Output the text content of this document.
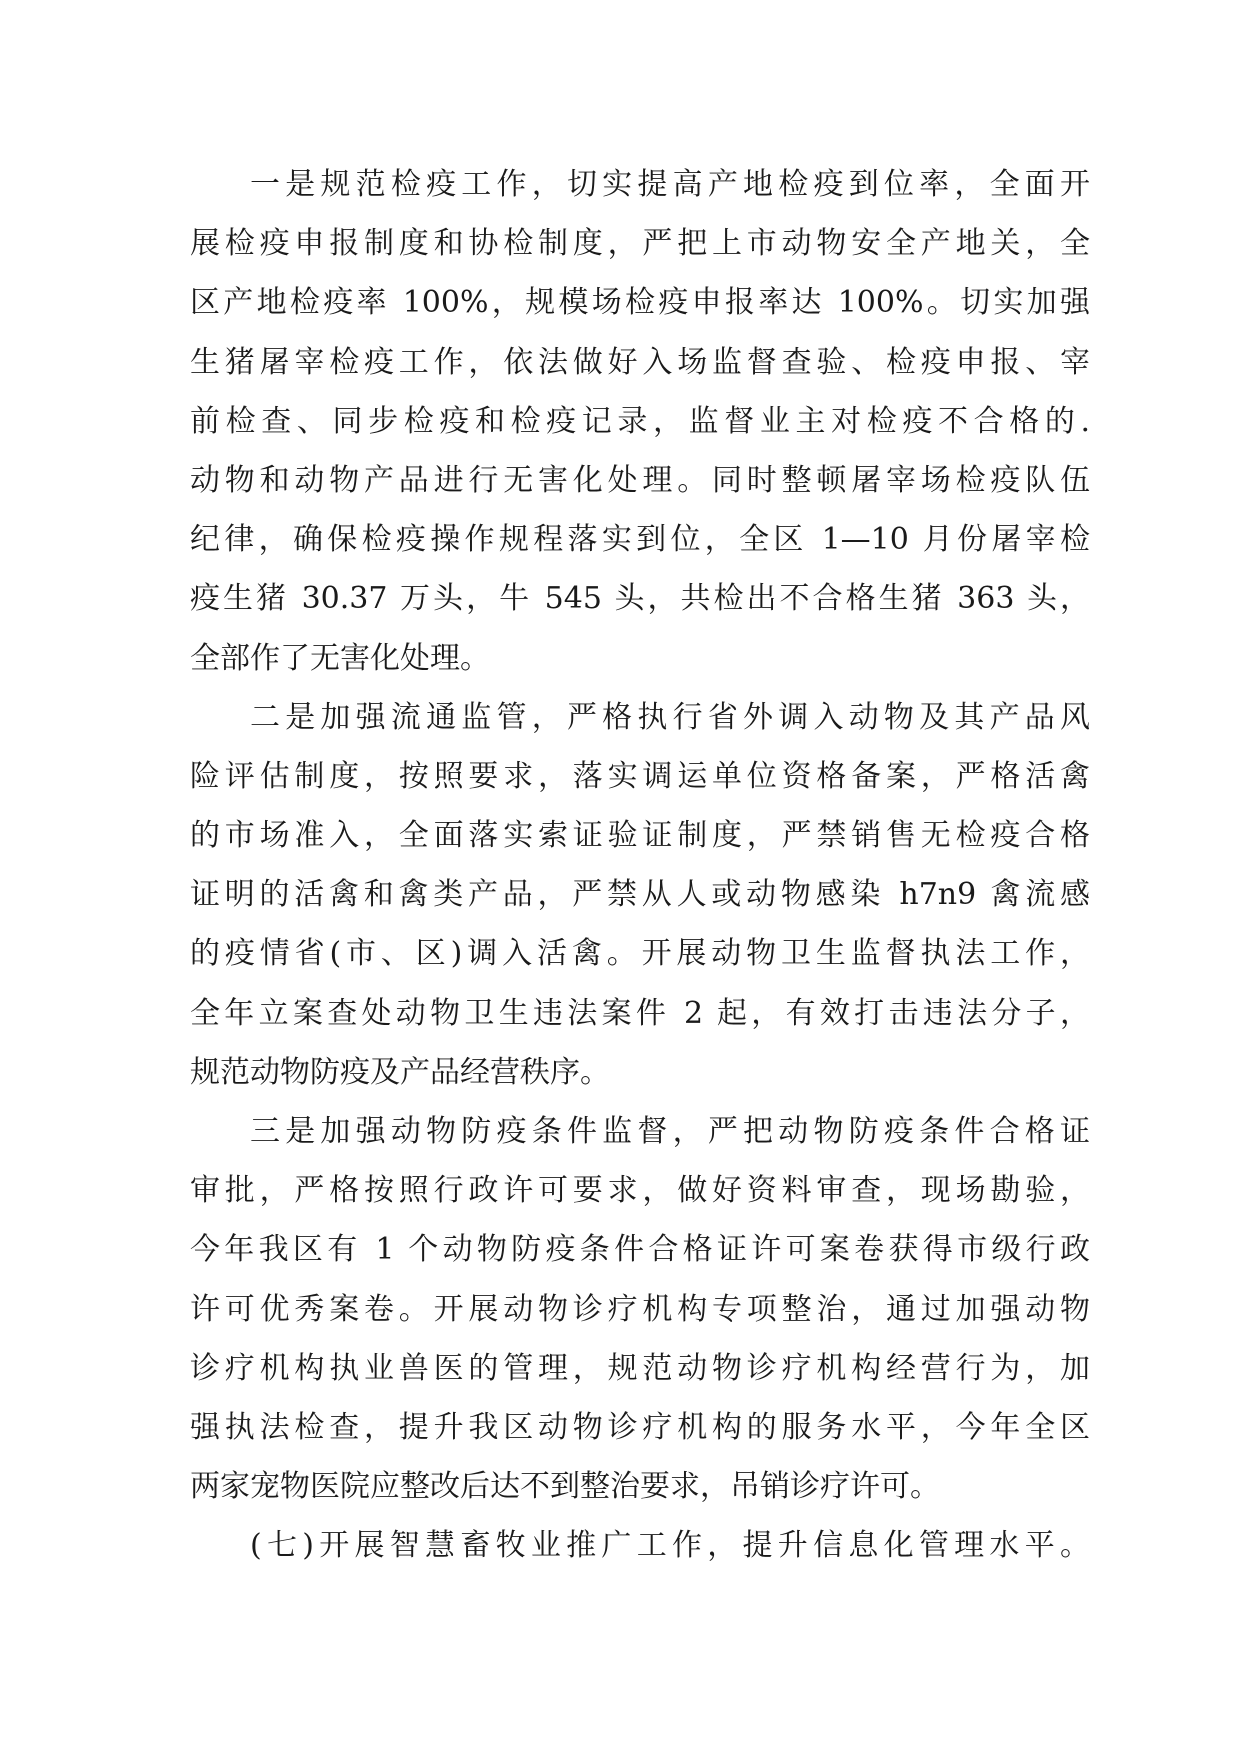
一是规范检疫工作，切实提高产地检疫到位率，全面开
展检疫申报制度和协检制度，严把上市动物安全产地关，全
区产地检疫率 100%，规模场检疫申报率达 100%。切实加强
生猪屠宰检疫工作，依法做好入场监督查验、检疫申报、宰
前检查、同步检疫和检疫记录，监督业主对检疫不合格的.
动物和动物产品进行无害化处理。同时整顿屠宰场检疫队伍
纪律，确保检疫操作规程落实到位，全区 1—10 月份屠宰检
疫生猪 30.37 万头，牛 545 头，共检出不合格生猪 363 头，
全部作了无害化处理。
二是加强流通监管，严格执行省外调入动物及其产品风
险评估制度，按照要求，落实调运单位资格备案，严格活禽
的市场准入，全面落实索证验证制度，严禁销售无检疫合格
证明的活禽和禽类产品，严禁从人或动物感染 h7n9 禽流感
的疫情省(市、区)调入活禽。开展动物卫生监督执法工作，
全年立案查处动物卫生违法案件 2 起，有效打击违法分子，
规范动物防疫及产品经营秩序。
三是加强动物防疫条件监督，严把动物防疫条件合格证
审批，严格按照行政许可要求，做好资料审查，现场勘验，
今年我区有 1 个动物防疫条件合格证许可案卷获得市级行政
许可优秀案卷。开展动物诊疗机构专项整治，通过加强动物
诊疗机构执业兽医的管理，规范动物诊疗机构经营行为，加
强执法检查，提升我区动物诊疗机构的服务水平，今年全区
两家宠物医院应整改后达不到整治要求，吊销诊疗许可。
(七)开展智慧畜牧业推广工作，提升信息化管理水平。
